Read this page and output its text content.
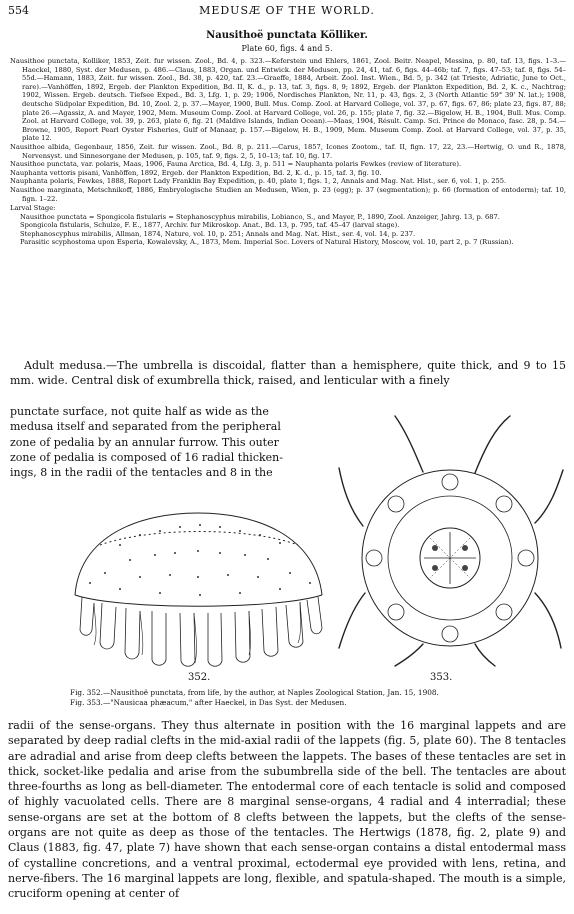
554	MEDUSÆ OF THE WORLD.
Nausithoë punctata Kölliker.
Plate 60, figs. 4 and 5.

Nausithoe punctata, Kolliker, 1853, Zeit. fur wissen. Zool., Bd. 4, p. 323.—Keferstein und Ehlers, 1861, Zool. Beitr. Neapel, Messina, p. 80, taf. 13, figs. 1–3.—Haeckel, 1880, Syst. der Medusen, p. 486.—Claus, 1883, Organ. und Entwick. der Medusen, pp. 24, 41, taf. 6, figs. 44–46b; taf. 7, figs. 47–53; taf. 8, figs. 54–55d.—Hamann, 1883, Zeit. fur wissen. Zool., Bd. 38, p. 420, taf. 23.—Graeffe, 1884, Arbeit. Zool. Inst. Wien., Bd. 5, p. 342 (at Trieste, Adriatic, June to Oct., rare).—Vanhöffen, 1892, Ergeb. der Plankton Expedition, Bd. II, K. d., p. 13, taf. 3, figs. 8, 9; 1892, Ergeb. der Plankton Expedition, Bd. 2, K. c., Nachtrag; 1902, Wissen. Ergeb. deutsch. Tiefsee Exped., Bd. 3, Lfg. 1, p. 29; 1906, Nordisches Plankton, Nr. 11, p. 43, figs. 2, 3 (North Atlantic 59° 39' N. lat.); 1908, deutsche Südpolar Expedition, Bd. 10, Zool. 2, p. 37.—Mayer, 1900, Bull. Mus. Comp. Zool. at Harvard College, vol. 37, p. 67, figs. 67, 86; plate 23, figs. 87, 88; plate 26.—Agassiz, A. and Mayer, 1902, Mem. Museum Comp. Zool. at Harvard College, vol. 26, p. 155; plate 7, fig. 32.—Bigelow, H. B., 1904, Bull. Mus. Comp. Zool. at Harvard College, vol. 39, p. 263, plate 6, fig. 21 (Maldive Islands, Indian Ocean).—Maas, 1904, Résult. Camp. Sci. Prince de Monaco, fasc. 28, p. 54.—Browne, 1905, Report Pearl Oyster Fisheries, Gulf of Manaar, p. 157.—Bigelow, H. B., 1909, Mem. Museum Comp. Zool. at Harvard College, vol. 37, p. 35, plate 12.

Nausithoe albida, Gegenbaur, 1856, Zeit. fur wissen. Zool., Bd. 8, p. 211.—Carus, 1857, Icones Zootom., taf. II, fign. 17, 22, 23.—Hertwig, O. und R., 1878, Nervensyst. und Sinnesorgane der Medusen, p. 105, taf. 9, figs. 2, 5, 10–13; taf. 10, fig. 17.

Nausithoe punctata, var. polaris, Maas, 1906, Fauna Arctica, Bd. 4, Lfg. 3, p. 511 = Nauphanta polaris Fewkes (review of literature).

Nauphanta vettoris pisani, Vanhöffen, 1892, Ergeb. der Plankton Expedition, Bd. 2, K. d., p. 15, taf. 3, fig. 10.

Nauphanta polaris, Fewkes, 1888, Report Lady Franklin Bay Expedition, p. 40, plate 1, figs. 1, 2, Annals and Mag. Nat. Hist., ser. 6, vol. 1, p. 255.

Nausithoe marginata, Metschnikoff, 1886, Embryologische Studien an Medusen, Wien, p. 23 (egg); p. 37 (segmentation); p. 66 (formation of entoderm); taf. 10, fign. 1–22.

Larval Stage:

Nausithoe punctata = Spongicola fistularis = Stephanoscyphus mirabilis, Lobianco, S., and Mayer, P., 1890, Zool. Anzeiger, Jahrg. 13, p. 687.

Spongicola fistularis, Schulze, F. E., 1877, Archiv. fur Mikroskop. Anat., Bd. 13, p. 795, taf. 45–47 (larval stage).

Stephanoscyphus mirabilis, Allman, 1874, Nature, vol. 10, p. 251; Annals and Mag. Nat. Hist., ser. 4, vol. 14, p. 237.

Parasitic scyphostoma upon Esperia, Kowalevsky, A., 1873, Mem. Imperial Soc. Lovers of Natural History, Moscow, vol. 10, part 2, p. 7 (Russian).

Adult medusa.—The umbrella is discoidal, flatter than a hemisphere, quite thick, and 9 to 15 mm. wide. Central disk of exumbrella thick, raised, and lenticular with a finely

punctate surface, not quite half as wide as the
medusa itself and separated from the peripheral
zone of pedalia by an annular furrow. This outer
zone of pedalia is composed of 16 radial thicken-
ings, 8 in the radii of the tentacles and 8 in the
352.	353.
Fig. 352.—Nausithoë punctata, from life, by the author, at Naples Zoological Station, Jan. 15, 1908.
Fig. 353.—"Nausicaa phæacum," after Haeckel, in Das Syst. der Medusen.

radii of the sense-organs. They thus alternate in position with the 16 marginal lappets and are separated by deep radial clefts in the mid-axial radii of the lappets (fig. 5, plate 60). The 8 tentacles are adradial and arise from deep clefts between the lappets. The bases of these tentacles are set in thick, socket-like pedalia and arise from the subumbrella side of the bell. The tentacles are about three-fourths as long as bell-diameter. The entodermal core of each tentacle is solid and composed of highly vacuolated cells. There are 8 marginal sense-organs, 4 radial and 4 interradial; these sense-organs are set at the bottom of 8 clefts between the lappets, but the clefts of the sense-organs are not quite as deep as those of the tentacles. The Hertwigs (1878, fig. 2, plate 9) and Claus (1883, fig. 47, plate 7) have shown that each sense-organ contains a distal entodermal mass of cystalline concretions, and a ventral proximal, ectodermal eye provided with lens, retina, and nerve-fibers. The 16 marginal lappets are long, flexible, and spatula-shaped. The mouth is a simple, cruciform opening at center of
